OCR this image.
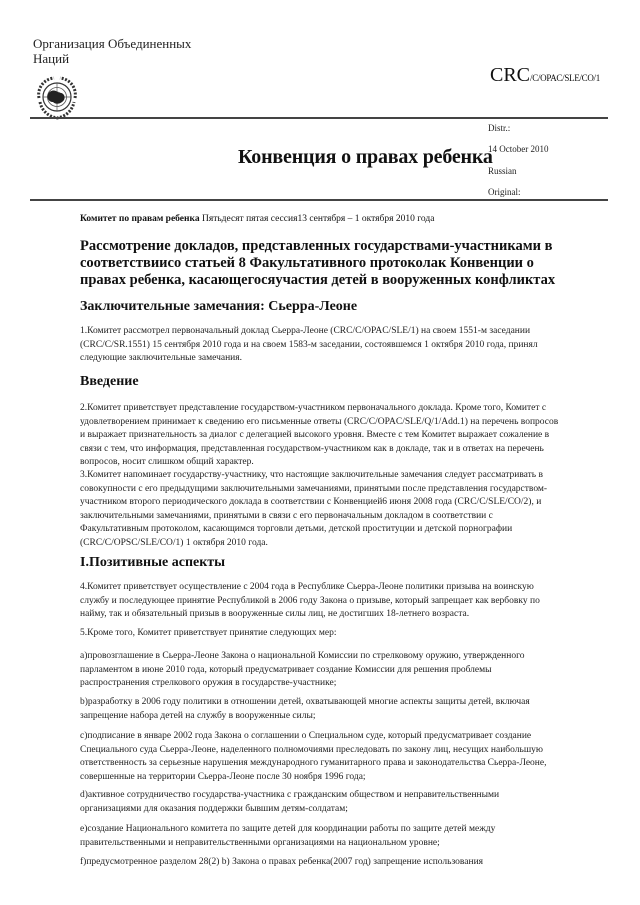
Организация Объединенных
Наций
CRC/C/OPAC/SLE/CO/1
Конвенция о правах ребенка
Distr.:
14 October 2010
Russian
Original:
Комитет по правам ребенка Пятьдесят пятая сессия13 сентября – 1 октября 2010 года
Рассмотрение докладов, представленных государствами-участниками в соответствиисо статьей 8 Факультативного протоколак Конвенции о правах ребенка, касающегосяучастия детей в вооруженных конфликтах
Заключительные замечания: Сьерра-Леоне
1.Комитет рассмотрел первоначальный доклад Сьерра-Леоне (CRC/C/OPAC/SLE/1) на своем 1551-м заседании (CRC/C/SR.1551) 15 сентября 2010 года и на своем 1583-м заседании, состоявшемся 1 октября 2010 года, принял следующие заключительные замечания.
Введение
2.Комитет приветствует представление государством-участником первоначального доклада. Кроме того, Комитет с удовлетворением принимает к сведению его письменные ответы (CRC/C/OPAC/SLE/Q/1/Add.1) на перечень вопросов и выражает признательность за диалог с делегацией высокого уровня. Вместе с тем Комитет выражает сожаление в связи с тем, что информация, представленная государством-участником как в докладе, так и в ответах на перечень вопросов, носит слишком общий характер.
3.Комитет напоминает государству-участнику, что настоящие заключительные замечания следует рассматривать в совокупности с его предыдущими заключительными замечаниями, принятыми после представления государством-участником второго периодического доклада в соответствии с Конвенцией6 июня 2008 года (CRC/C/SLE/CO/2), и заключительными замечаниями, принятыми в связи с его первоначальным докладом в соответствии с Факультативным протоколом, касающимся торговли детьми, детской проституции и детской порнографии (CRC/C/OPSC/SLE/CO/1) 1 октября 2010 года.
I.Позитивные аспекты
4.Комитет приветствует осуществление с 2004 года в Республике Сьерра-Леоне политики призыва на воинскую службу и последующее принятие Республикой в 2006 году Закона о призыве, который запрещает как вербовку по найму, так и обязательный призыв в вооруженные силы лиц, не достигших 18-летнего возраста.
5.Кроме того, Комитет приветствует принятие следующих мер:
a)провозглашение в Сьерра-Леоне Закона о национальной Комиссии по стрелковому оружию, утвержденного парламентом в июне 2010 года, который предусматривает создание Комиссии для решения проблемы распространения стрелкового оружия в государстве-участнике;
b)разработку в 2006 году политики в отношении детей, охватывающей многие аспекты защиты детей, включая запрещение набора детей на службу в вооруженные силы;
c)подписание в январе 2002 года Закона о соглашении о Специальном суде, который предусматривает создание Специального суда Сьерра-Леоне, наделенного полномочиями преследовать по закону лиц, несущих наибольшую ответственность за серьезные нарушения международного гуманитарного права и законодательства Сьерра-Леоне, совершенные на территории Сьерра-Леоне после 30 ноября 1996 года;
d)активное сотрудничество государства-участника с гражданским обществом и неправительственными организациями для оказания поддержки бывшим детям-солдатам;
e)создание Национального комитета по защите детей для координации работы по защите детей между правительственными и неправительственными организациями на национальном уровне;
f)предусмотренное разделом 28(2) b) Закона о правах ребенка(2007 год) запрещение использования
